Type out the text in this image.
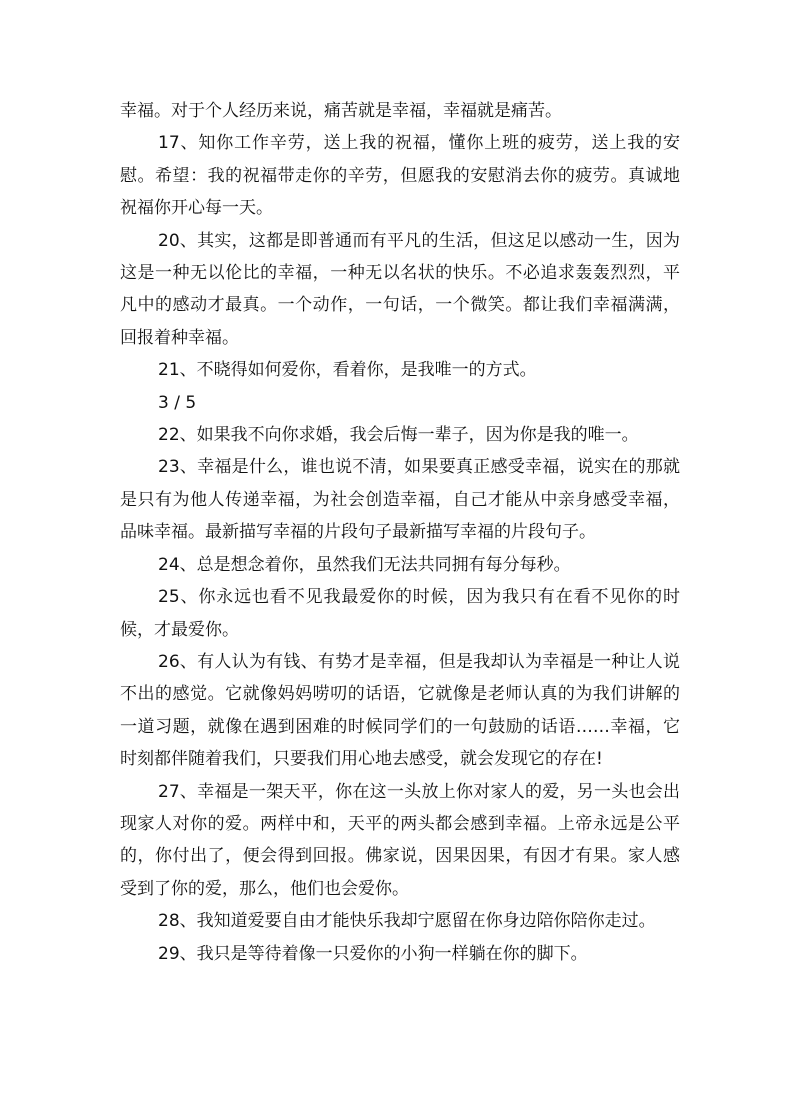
幸福。对于个人经历来说，痛苦就是幸福，幸福就是痛苦。

17、知你工作辛劳，送上我的祝福，懂你上班的疲劳，送上我的安慰。希望：我的祝福带走你的辛劳，但愿我的安慰消去你的疲劳。真诚地祝福你开心每一天。

20、其实，这都是即普通而有平凡的生活，但这足以感动一生，因为这是一种无以伦比的幸福，一种无以名状的快乐。不必追求轰轰烈烈，平凡中的感动才最真。一个动作，一句话，一个微笑。都让我们幸福满满，回报着种幸福。

21、不晓得如何爱你，看着你，是我唯一的方式。

3 / 5

22、如果我不向你求婚，我会后悔一辈子，因为你是我的唯一。

23、幸福是什么，谁也说不清，如果要真正感受幸福，说实在的那就是只有为他人传递幸福，为社会创造幸福，自己才能从中亲身感受幸福，品味幸福。最新描写幸福的片段句子最新描写幸福的片段句子。

24、总是想念着你，虽然我们无法共同拥有每分每秒。

25、你永远也看不见我最爱你的时候，因为我只有在看不见你的时候，才最爱你。

26、有人认为有钱、有势才是幸福，但是我却认为幸福是一种让人说不出的感觉。它就像妈妈唠叨的话语，它就像是老师认真的为我们讲解的一道习题，就像在遇到困难的时候同学们的一句鼓励的话语……幸福，它时刻都伴随着我们，只要我们用心地去感受，就会发现它的存在!

27、幸福是一架天平，你在这一头放上你对家人的爱，另一头也会出现家人对你的爱。两样中和，天平的两头都会感到幸福。上帝永远是公平的，你付出了，便会得到回报。佛家说，因果因果，有因才有果。家人感受到了你的爱，那么，他们也会爱你。

28、我知道爱要自由才能快乐我却宁愿留在你身边陪你陪你走过。

29、我只是等待着像一只爱你的小狗一样躺在你的脚下。
